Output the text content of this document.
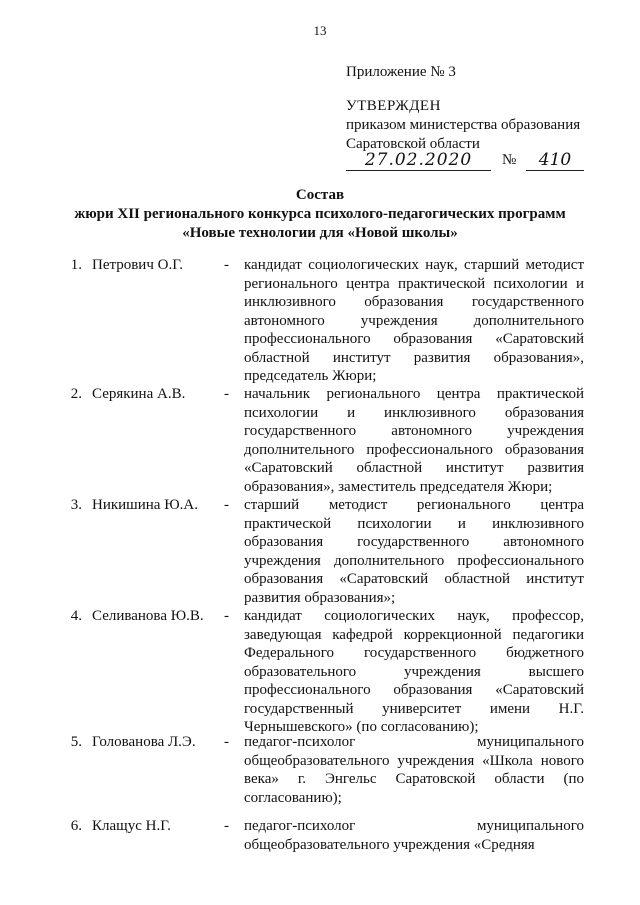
13
Приложение № 3
УТВЕРЖДЕН
приказом министерства образования
Саратовской области
27.02.2020	№	410
Состав
жюри XII регионального конкурса психолого-педагогических программ
«Новые технологии для «Новой школы»
1. Петрович О.Г.	- кандидат социологических наук, старший методист регионального центра практической психологии и инклюзивного образования государственного автономного учреждения дополнительного профессионального образования «Саратовский областной институт развития образования», председатель Жюри;
2. Серякина А.В.	- начальник регионального центра практической психологии и инклюзивного образования государственного автономного учреждения дополнительного профессионального образования «Саратовский областной институт развития образования», заместитель председателя Жюри;
3. Никишина Ю.А. - старший методист регионального центра практической психологии и инклюзивного образования государственного автономного учреждения дополнительного профессионального образования «Саратовский областной институт развития образования»;
4. Селиванова Ю.В. - кандидат социологических наук, профессор, заведующая кафедрой коррекционной педагогики Федерального государственного бюджетного образовательного учреждения высшего профессионального образования «Саратовский государственный университет имени Н.Г. Чернышевского» (по согласованию);
5. Голованова Л.Э. - педагог-психолог муниципального общеобразовательного учреждения «Школа нового века» г. Энгельс Саратовской области (по согласованию);
6. Клащус Н.Г.	- педагог-психолог муниципального общеобразовательного учреждения «Средняя
